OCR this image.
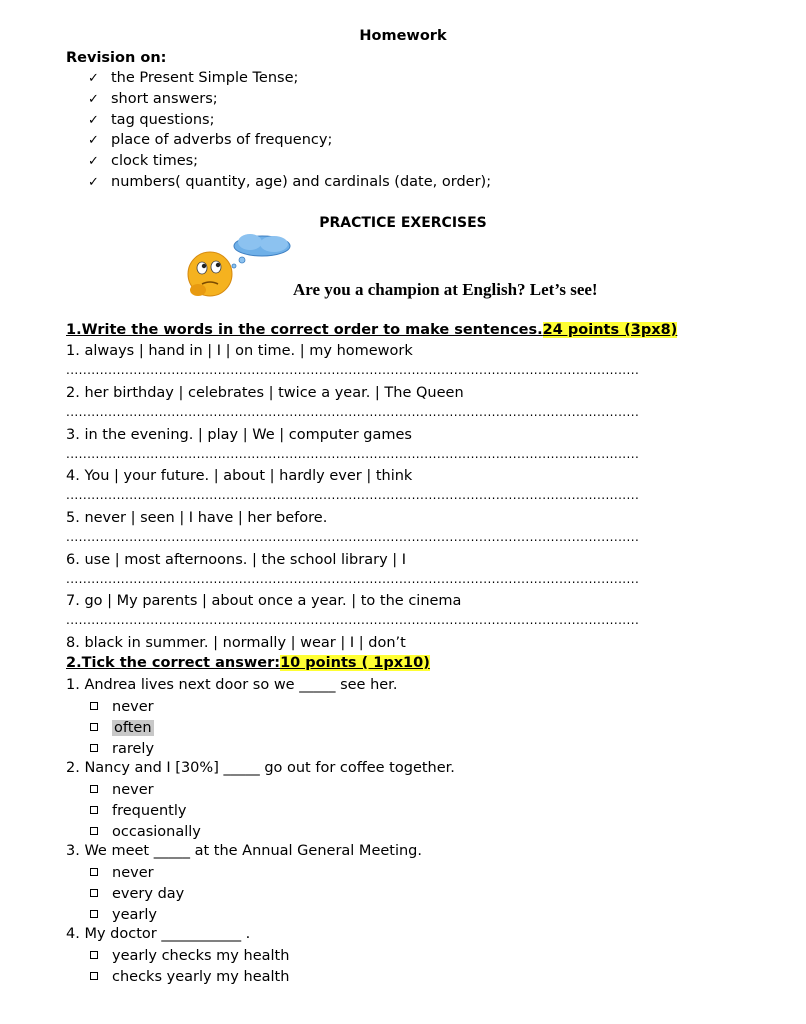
Homework
Revision on:
✓ the Present Simple Tense;
✓ short answers;
✓ tag questions;
✓ place of adverbs of frequency;
✓ clock times;
✓ numbers( quantity, age) and cardinals (date, order);
PRACTICE EXERCISES
Are you a champion at English? Let’s see!
1.Write the words in the correct order to make sentences.24 points (3px8)
1. always | hand in | I | on time. | my homework
........................................................................................................................................
2. her birthday | celebrates | twice a year. | The Queen
........................................................................................................................................
3. in the evening. | play | We | computer games
........................................................................................................................................
4. You | your future. | about | hardly ever | think
........................................................................................................................................
5. never | seen | I have | her before.
........................................................................................................................................
6. use | most afternoons. | the school library | I
........................................................................................................................................
7. go | My parents | about once a year. | to the cinema
........................................................................................................................................
8. black in summer. | normally | wear | I | don’t
2.Tick the correct answer:10 points ( 1px10)
1. Andrea lives next door so we _____ see her.
never
often
rarely
2. Nancy and I [30%] _____ go out for coffee together.
never
frequently
occasionally
3. We meet _____ at the Annual General Meeting.
never
every day
yearly
4. My doctor ___________ .
yearly checks my health
checks yearly my health
